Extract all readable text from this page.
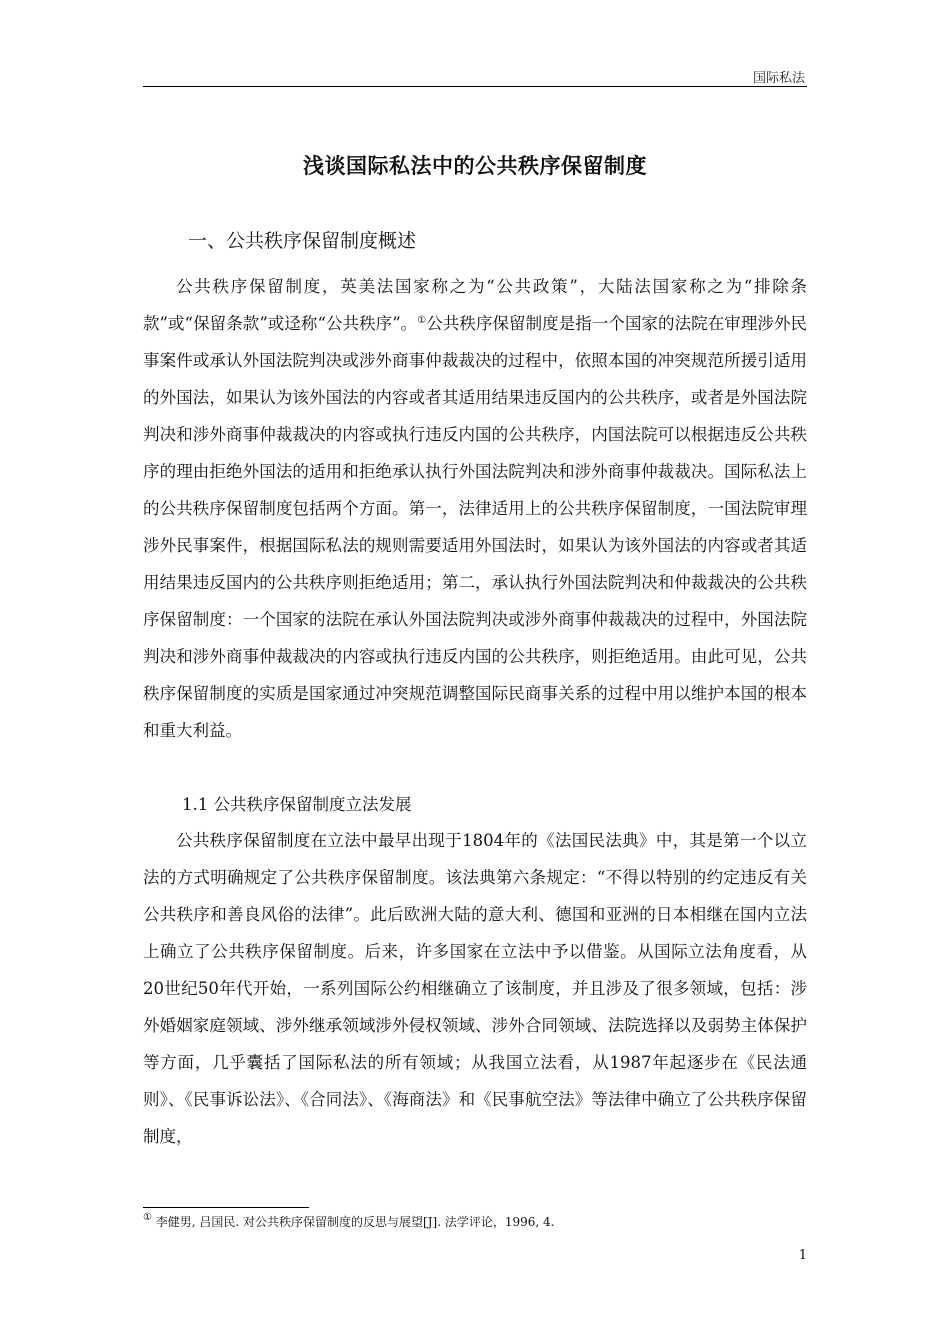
国际私法
浅谈国际私法中的公共秩序保留制度
一、公共秩序保留制度概述

公共秩序保留制度，英美法国家称之为“公共政策”，大陆法国家称之为“排除条款”或“保留条款”或迳称“公共秩序”。①公共秩序保留制度是指一个国家的法院在审理涉外民事案件或承认外国法院判决或涉外商事仲裁裁决的过程中，依照本国的冲突规范所援引适用的外国法，如果认为该外国法的内容或者其适用结果违反国内的公共秩序，或者是外国法院判决和涉外商事仲裁裁决的内容或执行违反内国的公共秩序，内国法院可以根据违反公共秩序的理由拒绝外国法的适用和拒绝承认执行外国法院判决和涉外商事仲裁裁决。国际私法上的公共秩序保留制度包括两个方面。第一，法律适用上的公共秩序保留制度，一国法院审理涉外民事案件，根据国际私法的规则需要适用外国法时，如果认为该外国法的内容或者其适用结果违反国内的公共秩序则拒绝适用；第二，承认执行外国法院判决和仲裁裁决的公共秩序保留制度：一个国家的法院在承认外国法院判决或涉外商事仲裁裁决的过程中，外国法院判决和涉外商事仲裁裁决的内容或执行违反内国的公共秩序，则拒绝适用。由此可见，公共秩序保留制度的实质是国家通过冲突规范调整国际民商事关系的过程中用以维护本国的根本和重大利益。

1.1 公共秩序保留制度立法发展

公共秩序保留制度在立法中最早出现于1804年的《法国民法典》中，其是第一个以立法的方式明确规定了公共秩序保留制度。该法典第六条规定：“不得以特别的约定违反有关公共秩序和善良风俗的法律”。此后欧洲大陆的意大利、德国和亚洲的日本相继在国内立法上确立了公共秩序保留制度。后来，许多国家在立法中予以借鉴。从国际立法角度看，从20世纪50年代开始，一系列国际公约相继确立了该制度，并且涉及了很多领域，包括：涉外婚姻家庭领域、涉外继承领域涉外侵权领域、涉外合同领域、法院选择以及弱势主体保护等方面，几乎囊括了国际私法的所有领域；从我国立法看，从1987年起逐步在《民法通则》、《民事诉讼法》、《合同法》、《海商法》和《民事航空法》等法律中确立了公共秩序保留制度，

① 李健男, 吕国民. 对公共秩序保留制度的反思与展望[J]. 法学评论，1996, 4.
1
